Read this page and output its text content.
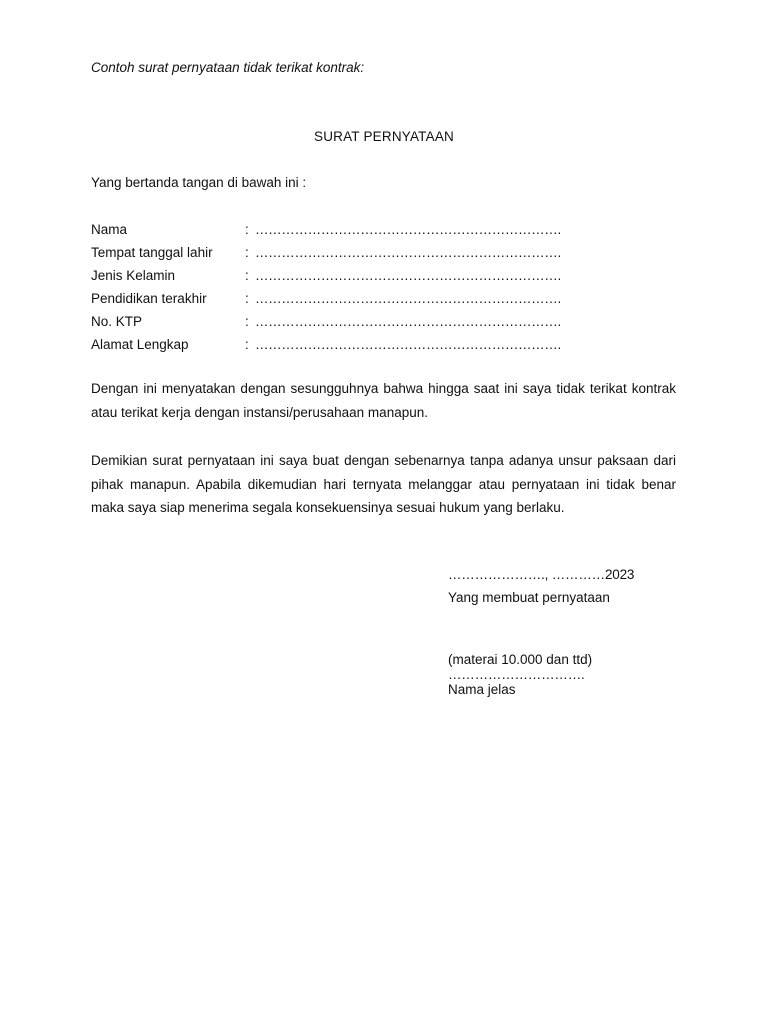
Contoh surat pernyataan tidak terikat kontrak:
SURAT PERNYATAAN
Yang bertanda tangan di bawah ini :
Nama	: …………………………………………………………….
Tempat tanggal lahir	: …………………………………………………………….
Jenis Kelamin	: …………………………………………………………….
Pendidikan terakhir	: …………………………………………………………….
No. KTP	: …………………………………………………………….
Alamat Lengkap	: …………………………………………………………….
Dengan ini menyatakan dengan sesungguhnya bahwa hingga saat ini saya tidak terikat kontrak atau terikat kerja dengan instansi/perusahaan manapun.
Demikian surat pernyataan ini saya buat dengan sebenarnya tanpa adanya unsur paksaan dari pihak manapun. Apabila dikemudian hari ternyata melanggar atau pernyataan ini tidak benar maka saya siap menerima segala konsekuensinya sesuai hukum yang berlaku.
…………………., …………2023
Yang membuat pernyataan
(materai 10.000 dan ttd)
………………………….
Nama jelas
